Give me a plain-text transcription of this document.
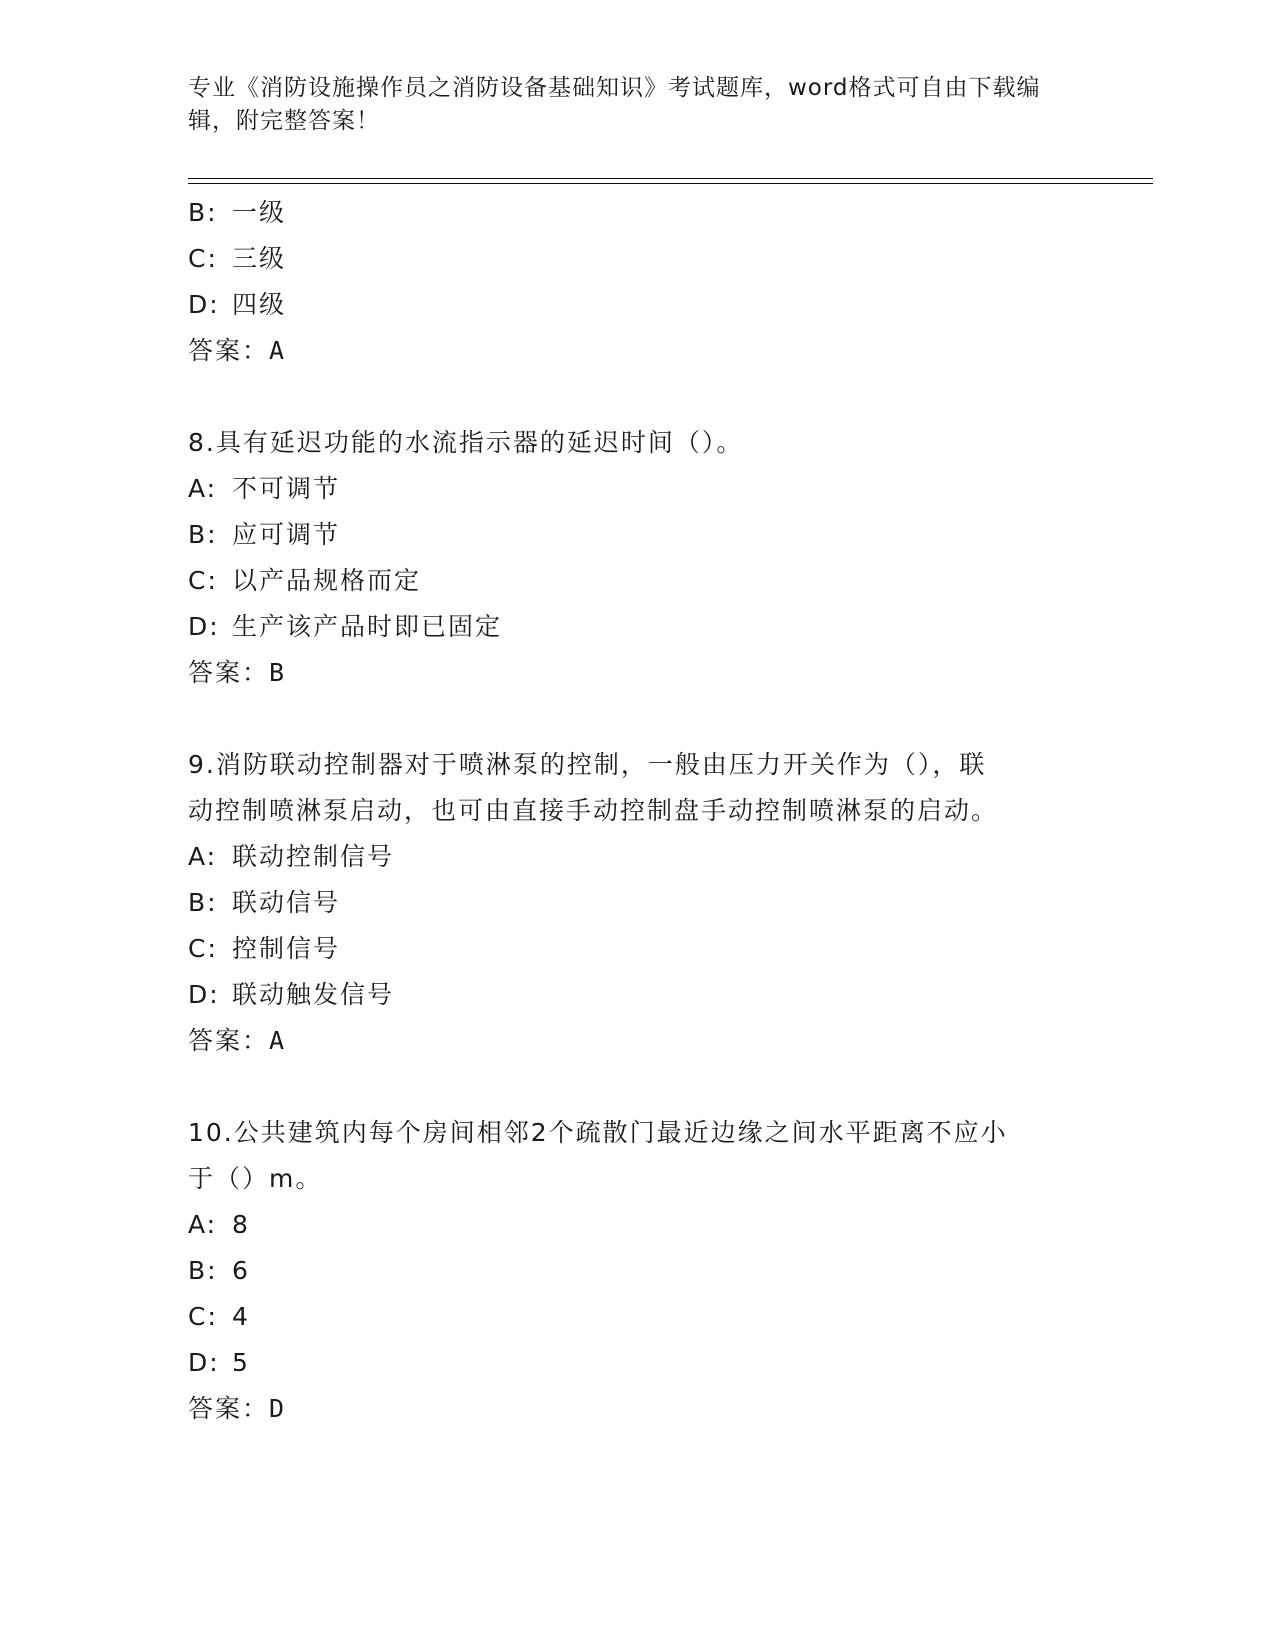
专业《消防设施操作员之消防设备基础知识》考试题库，word格式可自由下载编
辑，附完整答案！
B: 一级
C: 三级
D: 四级
答案：A
8.具有延迟功能的水流指示器的延迟时间（）。
A: 不可调节
B: 应可调节
C: 以产品规格而定
D: 生产该产品时即已固定
答案：B
9.消防联动控制器对于喷淋泵的控制，一般由压力开关作为（），联
动控制喷淋泵启动，也可由直接手动控制盘手动控制喷淋泵的启动。
A: 联动控制信号
B: 联动信号
C: 控制信号
D: 联动触发信号
答案：A
10.公共建筑内每个房间相邻2个疏散门最近边缘之间水平距离不应小
于（）m。
A: 8
B: 6
C: 4
D: 5
答案：D
